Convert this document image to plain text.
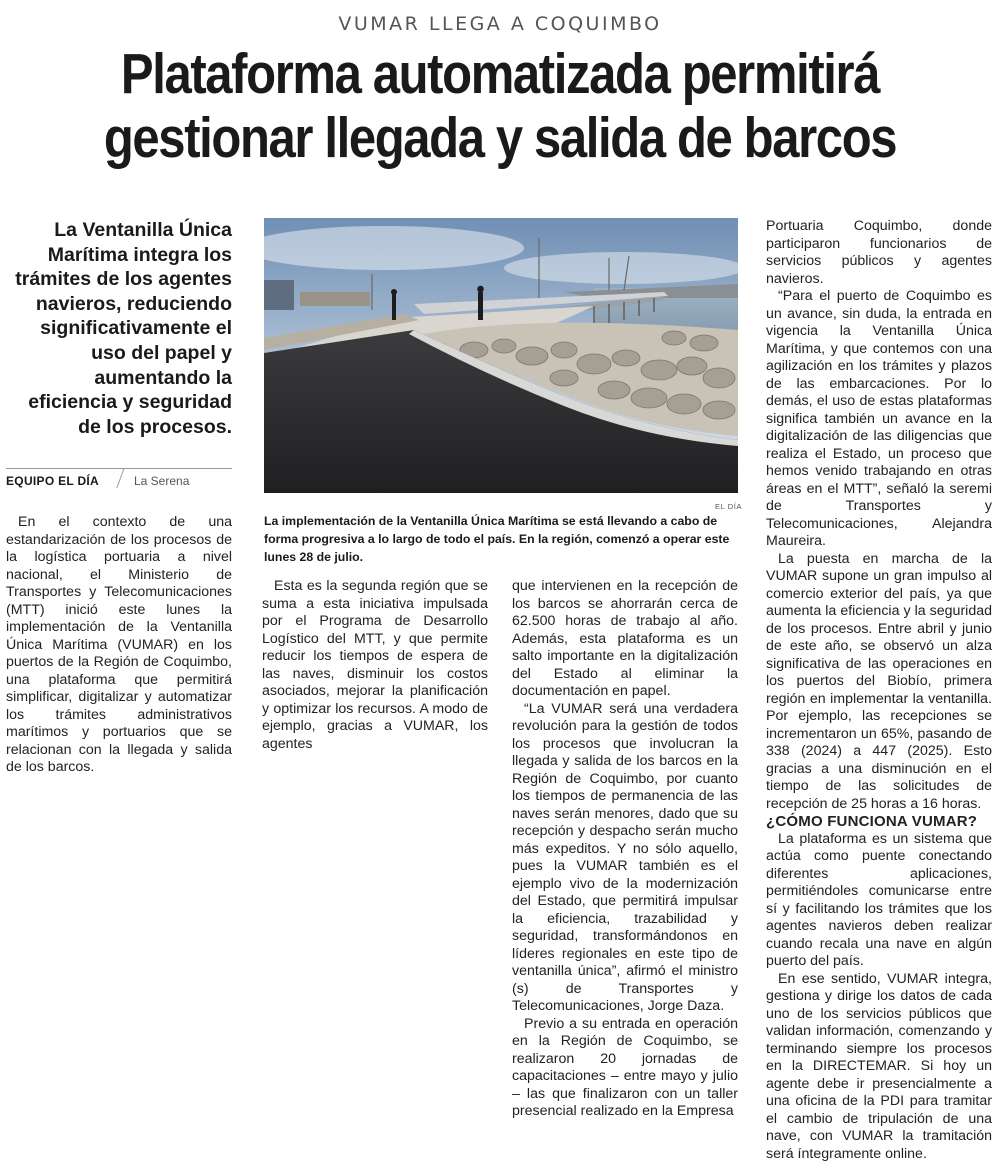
VUMAR LLEGA A COQUIMBO
Plataforma automatizada permitirá
gestionar llegada y salida de barcos
La Ventanilla Única Marítima integra los trámites de los agentes navieros, reduciendo significativamente el uso del papel y aumentando la eficiencia y seguridad de los procesos.
EQUIPO EL DÍA	La Serena

En el contexto de una estandarización de los procesos de la logística portuaria a nivel nacional, el Ministerio de Transportes y Telecomunicaciones (MTT) inició este lunes la implementación de la Ventanilla Única Marítima (VUMAR) en los puertos de la Región de Coquimbo, una plataforma que permitirá simplificar, digitalizar y automatizar los trámites administrativos marítimos y portuarios que se relacionan con la llegada y salida de los barcos.

EL DÍA
La implementación de la Ventanilla Única Marítima se está llevando a cabo de forma progresiva a lo largo de todo el país. En la región, comenzó a operar este lunes 28 de julio.

Esta es la segunda región que se suma a esta iniciativa impulsada por el Programa de Desarrollo Logístico del MTT, y que permite reducir los tiempos de espera de las naves, disminuir los costos asociados, mejorar la planificación y optimizar los recursos. A modo de ejemplo, gracias a VUMAR, los agentes

que intervienen en la recepción de los barcos se ahorrarán cerca de 62.500 horas de trabajo al año. Además, esta plataforma es un salto importante en la digitalización del Estado al eliminar la documentación en papel.

“La VUMAR será una verdadera revolución para la gestión de todos los procesos que involucran la llegada y salida de los barcos en la Región de Coquimbo, por cuanto los tiempos de permanencia de las naves serán menores, dado que su recepción y despacho serán mucho más expeditos. Y no sólo aquello, pues la VUMAR también es el ejemplo vivo de la modernización del Estado, que permitirá impulsar la eficiencia, trazabilidad y seguridad, transformándonos en líderes regionales en este tipo de ventanilla única”, afirmó el ministro (s) de Transportes y Telecomunicaciones, Jorge Daza.

Previo a su entrada en operación en la Región de Coquimbo, se realizaron 20 jornadas de capacitaciones – entre mayo y julio – las que finalizaron con un taller presencial realizado en la Empresa

Portuaria Coquimbo, donde participaron funcionarios de servicios públicos y agentes navieros.

“Para el puerto de Coquimbo es un avance, sin duda, la entrada en vigencia la Ventanilla Única Marítima, y que contemos con una agilización en los trámites y plazos de las embarcaciones. Por lo demás, el uso de estas plataformas significa también un avance en la digitalización de las diligencias que realiza el Estado, un proceso que hemos venido trabajando en otras áreas en el MTT”, señaló la seremi de Transportes y Telecomunicaciones, Alejandra Maureira.

La puesta en marcha de la VUMAR supone un gran impulso al comercio exterior del país, ya que aumenta la eficiencia y la seguridad de los procesos. Entre abril y junio de este año, se observó un alza significativa de las operaciones en los puertos del Biobío, primera región en implementar la ventanilla. Por ejemplo, las recepciones se incrementaron un 65%, pasando de 338 (2024) a 447 (2025). Esto gracias a una disminución en el tiempo de las solicitudes de recepción de 25 horas a 16 horas.

¿CÓMO FUNCIONA VUMAR?

La plataforma es un sistema que actúa como puente conectando diferentes aplicaciones, permitiéndoles comunicarse entre sí y facilitando los trámites que los agentes navieros deben realizar cuando recala una nave en algún puerto del país.

En ese sentido, VUMAR integra, gestiona y dirige los datos de cada uno de los servicios públicos que validan información, comenzando y terminando siempre los procesos en la DIRECTEMAR. Si hoy un agente debe ir presencialmente a una oficina de la PDI para tramitar el cambio de tripulación de una nave, con VUMAR la tramitación será íntegramente online.
